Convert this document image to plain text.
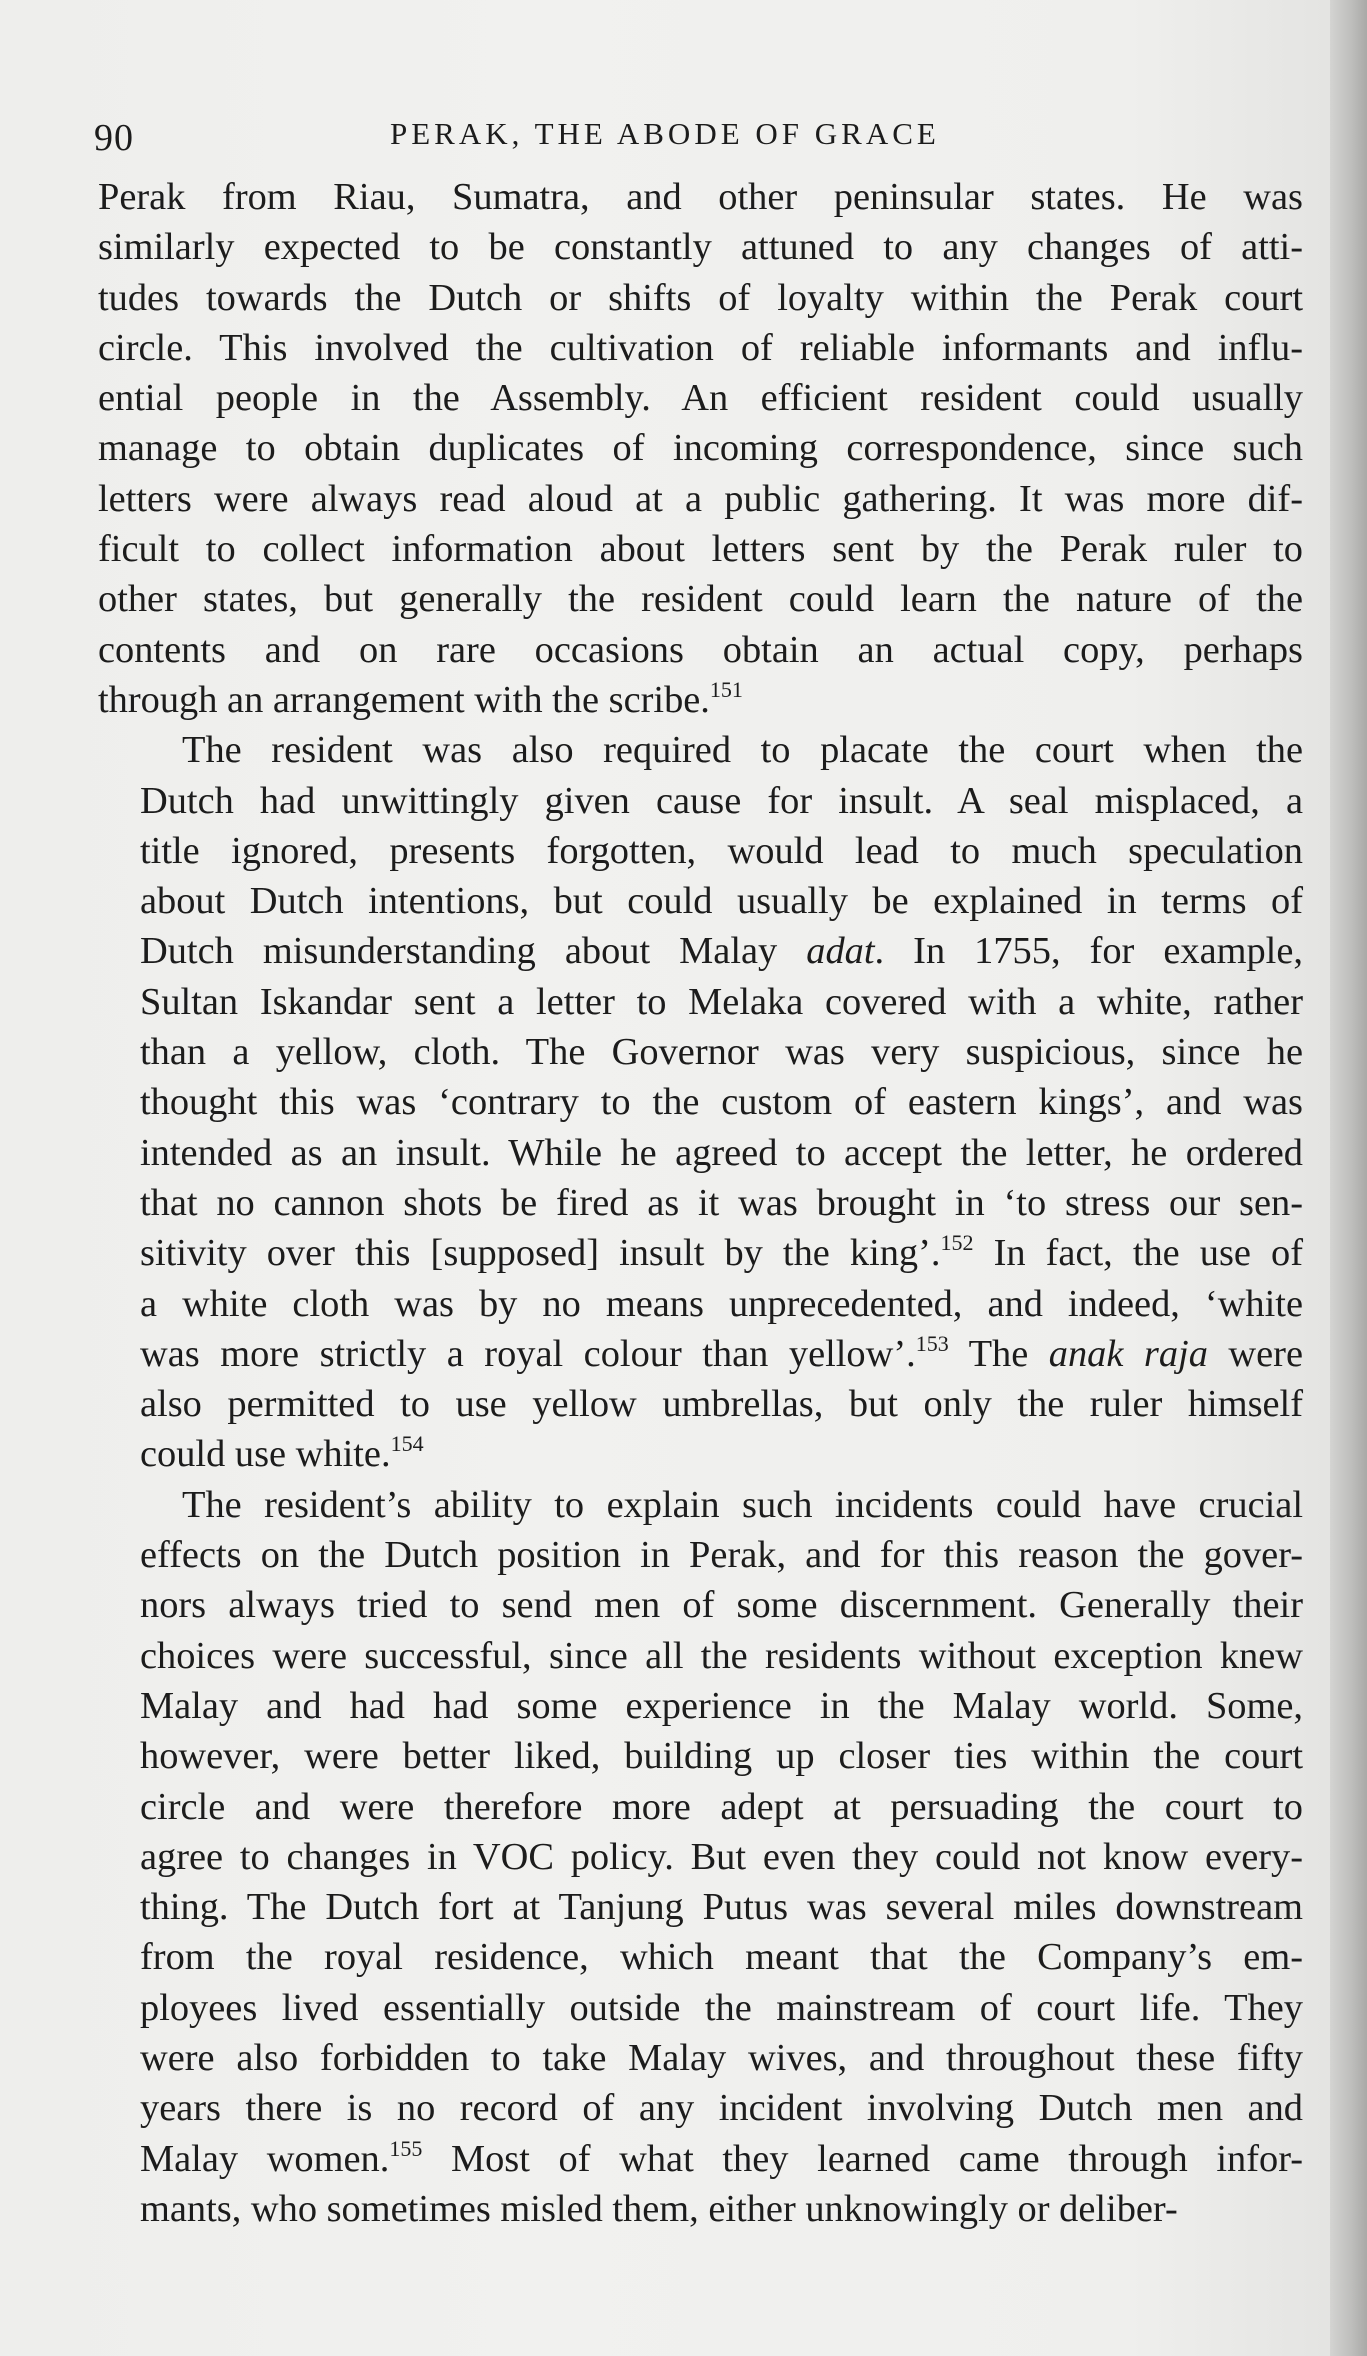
90	PERAK, THE ABODE OF GRACE
Perak from Riau, Sumatra, and other peninsular states. He was
similarly expected to be constantly attuned to any changes of atti-
tudes towards the Dutch or shifts of loyalty within the Perak court
circle. This involved the cultivation of reliable informants and influ-
ential people in the Assembly. An efficient resident could usually
manage to obtain duplicates of incoming correspondence, since such
letters were always read aloud at a public gathering. It was more dif-
ficult to collect information about letters sent by the Perak ruler to
other states, but generally the resident could learn the nature of the
contents and on rare occasions obtain an actual copy, perhaps
through an arrangement with the scribe.$^{151}$
The resident was also required to placate the court when the
Dutch had unwittingly given cause for insult. A seal misplaced, a
title ignored, presents forgotten, would lead to much speculation
about Dutch intentions, but could usually be explained in terms of
Dutch misunderstanding about Malay adat. In 1755, for example,
Sultan Iskandar sent a letter to Melaka covered with a white, rather
than a yellow, cloth. The Governor was very suspicious, since he
thought this was ‘contrary to the custom of eastern kings’, and was
intended as an insult. While he agreed to accept the letter, he ordered
that no cannon shots be fired as it was brought in ‘to stress our sen-
sitivity over this [supposed] insult by the king’.$^{152}$ In fact, the use of
a white cloth was by no means unprecedented, and indeed, ‘white
was more strictly a royal colour than yellow’.$^{153}$ The anak raja were
also permitted to use yellow umbrellas, but only the ruler himself
could use white.$^{154}$
The resident’s ability to explain such incidents could have crucial
effects on the Dutch position in Perak, and for this reason the gover-
nors always tried to send men of some discernment. Generally their
choices were successful, since all the residents without exception knew
Malay and had had some experience in the Malay world. Some,
however, were better liked, building up closer ties within the court
circle and were therefore more adept at persuading the court to
agree to changes in VOC policy. But even they could not know every-
thing. The Dutch fort at Tanjung Putus was several miles downstream
from the royal residence, which meant that the Company’s em-
ployees lived essentially outside the mainstream of court life. They
were also forbidden to take Malay wives, and throughout these fifty
years there is no record of any incident involving Dutch men and
Malay women.$^{155}$ Most of what they learned came through infor-
mants, who sometimes misled them, either unknowingly or deliber-
